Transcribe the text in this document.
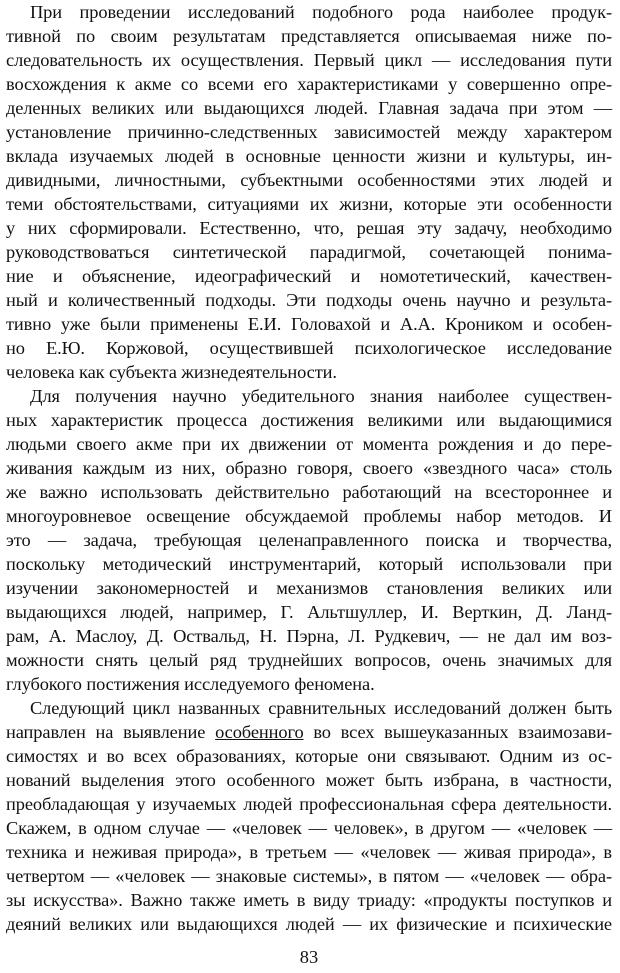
При проведении исследований подобного рода наиболее продук-
тивной по своим результатам представляется описываемая ниже по-
следовательность их осуществления. Первый цикл — исследования пути
восхождения к акме со всеми его характеристиками у совершенно опре-
деленных великих или выдающихся людей. Главная задача при этом —
установление причинно-следственных зависимостей между характером
вклада изучаемых людей в основные ценности жизни и культуры, ин-
дивидными, личностными, субъектными особенностями этих людей и
теми обстоятельствами, ситуациями их жизни, которые эти особенности
у них сформировали. Естественно, что, решая эту задачу, необходимо
руководствоваться синтетической парадигмой, сочетающей понима-
ние и объяснение, идеографический и номотетический, качествен-
ный и количественный подходы. Эти подходы очень научно и результа-
тивно уже были применены Е.И. Головахой и А.А. Кроником и особен-
но Е.Ю. Коржовой, осуществившей психологическое исследование
человека как субъекта жизнедеятельности.
Для получения научно убедительного знания наиболее существен-
ных характеристик процесса достижения великими или выдающимися
людьми своего акме при их движении от момента рождения и до пере-
живания каждым из них, образно говоря, своего «звездного часа» столь
же важно использовать действительно работающий на всестороннее и
многоуровневое освещение обсуждаемой проблемы набор методов. И
это — задача, требующая целенаправленного поиска и творчества,
поскольку методический инструментарий, который использовали при
изучении закономерностей и механизмов становления великих или
выдающихся людей, например, Г. Альтшуллер, И. Верткин, Д. Ланд-
рам, А. Маслоу, Д. Оствальд, Н. Пэрна, Л. Рудкевич, — не дал им воз-
можности снять целый ряд труднейших вопросов, очень значимых для
глубокого постижения исследуемого феномена.
Следующий цикл названных сравнительных исследований должен быть
направлен на выявление особенного во всех вышеуказанных взаимозави-
симостях и во всех образованиях, которые они связывают. Одним из ос-
нований выделения этого особенного может быть избрана, в частности,
преобладающая у изучаемых людей профессиональная сфера деятельности.
Скажем, в одном случае — «человек — человек», в другом — «человек —
техника и неживая природа», в третьем — «человек — живая природа», в
четвертом — «человек — знаковые системы», в пятом — «человек — обра-
зы искусства». Важно также иметь в виду триаду: «продукты поступков и
деяний великих или выдающихся людей — их физические и психические
83
